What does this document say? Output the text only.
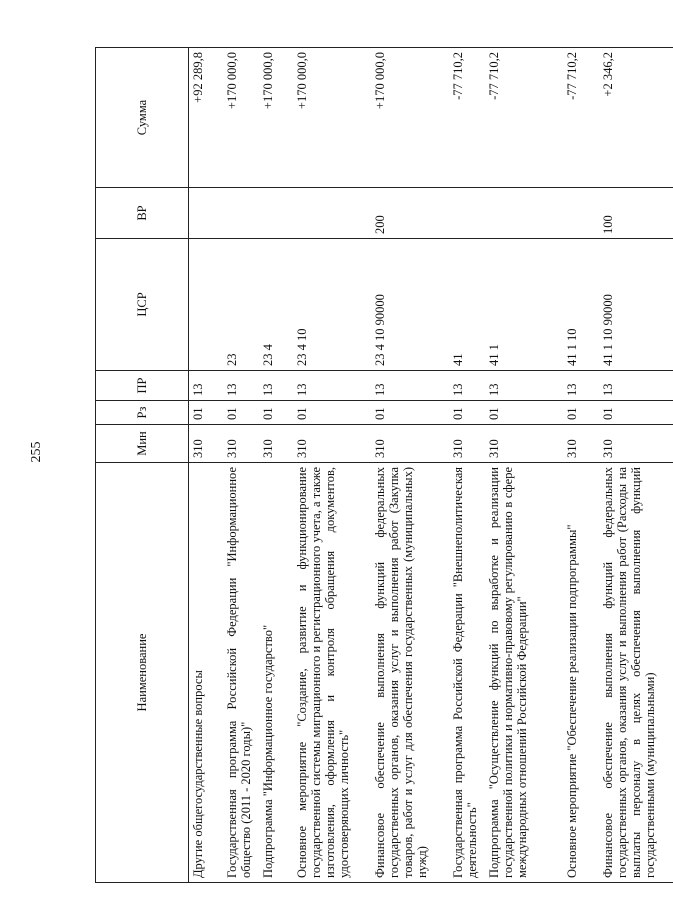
255
Наименование	Мин	Рз	ПР	ЦСР	ВР	Сумма
Другие общегосударственные вопросы	310	01	13			+92 289,8
Государственная программа Российской Федерации "Информационное общество (2011 - 2020 годы)"	310	01	13	23		+170 000,0
Подпрограмма "Информационное государство"	310	01	13	23 4		+170 000,0
Основное мероприятие "Создание, развитие и функционирование государственной системы миграционного и регистрационного учета, а также изготовления, оформления и контроля обращения документов, удостоверяющих личность"	310	01	13	23 4 10		+170 000,0
Финансовое обеспечение выполнения функций федеральных государственных органов, оказания услуг и выполнения работ (Закупка товаров, работ и услуг для обеспечения государственных (муниципальных) нужд)	310	01	13	23 4 10 90000	200	+170 000,0
Государственная программа Российской Федерации "Внешнеполитическая деятельность"	310	01	13	41		-77 710,2
Подпрограмма "Осуществление функций по выработке и реализации государственной политики и нормативно-правовому регулированию в сфере международных отношений Российской Федерации"	310	01	13	41 1		-77 710,2
Основное мероприятие "Обеспечение реализации подпрограммы"	310	01	13	41 1 10		-77 710,2
Финансовое обеспечение выполнения функций федеральных государственных органов, оказания услуг и выполнения работ (Расходы на выплаты персоналу в целях обеспечения выполнения функций государственными (муниципальными)	310	01	13	41 1 10 90000	100	+2 346,2
